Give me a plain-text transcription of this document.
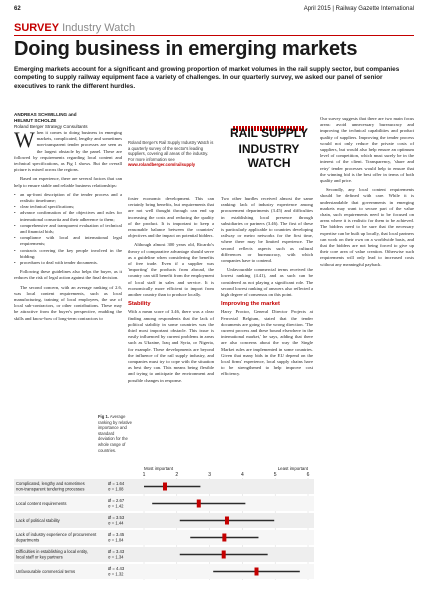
62	April 2015 | Railway Gazette International
SURVEY Industry Watch
Doing business in emerging markets
Emerging markets account for a significant and growing proportion of market volumes in the rail supply sector, but companies competing to supply railway equipment face a variety of challenges. In our quarterly survey, we asked our panel of senior executives to rank the different hurdles.
ANDREAS SCHWILLING and
HELMUT SCHOLZE
Roland Berger Strategy Consultants

When it comes to doing business in emerging markets, complicated, lengthy and sometimes non-transparent tender processes are seen as the largest obstacle by the panel. These are followed by requirements regarding local content and technical specifications, as Fig 1 shows. But the overall picture is mixed across the regions.

Based on experience, there are several factors that can help to ensure stable and reliable business relationships:

• an up-front description of the tender process and a realistic timeframe;
• clear technical specifications;
• advance confirmation of the objectives and rules for international consortia and their adherence to them;
• comprehensive and transparent evaluation of technical and financial bids;
• compliance with local and international legal requirements;
• contracts covering the key people involved in the bidding;
• procedures to deal with tender documents.

Following these guidelines also helps the buyer, as it reduces the risk of legal action against the final decision.

The second concern, with an average ranking of 2.6, was local content requirements, such as local manufacturing, training of local employees, the use of local sub-contractors, or other contributions. These may be attractive from the buyer's perspective, enabling the skills and know-how of long-term contractors to

RAIL SUPPLY
INDUSTRY WATCH
Roland Berger's Rail Supply Industry Watch is a quarterly survey of the sector's leading suppliers, covering all areas of the industry. For more information see www.rolandberger.com/railsupply

foster economic development. This can certainly bring benefits, but requirements that are not well thought through can end up increasing the costs and reducing the quality of the product. It is important to keep a reasonable balance between the countries' objectives and the impact on potential bidders.

Although almost 300 years old, Ricardo's theory of comparative advantage should serve as a guideline when considering the benefits of free trade. Even if a supplier was 'importing' the products from abroad, the country can still benefit from the employment of local staff in sales and service. It is economically more efficient to import from another country than to produce locally.

Stability

With a mean score of 3.46, there was a clear finding among respondents that the lack of political stability in some countries was the third most important obstacle. This issue is easily influenced by current problems in areas such as Ukraine, Iraq and Syria, or Nigeria, for example. These developments are beyond the influence of the rail supply industry, and companies must try to cope with the situation as best they can. This means being flexible and trying to anticipate the environment and possible changes in response.

Two other hurdles received almost the same ranking: lack of industry experience among procurement departments (3.45) and difficulties in establishing local presence through subsidiaries or partners (3.46). The first of these is particularly applicable to countries developing railway or metro networks for the first time, where there may be limited experience. The second reflects aspects such as cultural differences or bureaucracy, with which companies have to contend.

Unfavourable commercial terms received the lowest ranking (4.41), and as such can be considered as not playing a significant role. The second lowest ranking of answers also reflected a high degree of consensus on this point.

Improving the market

Harry Proctor, General Director Projects at Ferrovial Belgium, stated that the tender documents are going in the wrong direction. 'The current process and these bound elsewhere in the international market,' he says, adding that there are also concerns about the way the Single Market rules are implemented in some countries. Given that many bids in the EU depend on the local firms' experience, local supply chains have to be strengthened to help improve cost efficiency.

Our survey suggests that there are two main focus areas: avoid unnecessary bureaucracy and improving the technical capabilities and product quality of suppliers. Improving the tender process would not only reduce the private costs of suppliers, but would also help ensure an optimum level of competition, which must surely be in the interest of the client. Transparency, 'share and retry' tender processes would help to ensure that the winning bid is the best offer in terms of both quality and price.

Secondly, any local content requirements should be defined with care. While it is understandable that governments in emerging markets may want to secure part of the value chain, such requirements need to be focused on areas where it is realistic for them to be achieved. The bidders need to be sure that the necessary expertise can be built up locally, that local partners can work on their own on a worldwide basis, and that the bidders are not being forced to give up their core area of value creation. Otherwise such requirements will only lead to increased costs without any meaningful payback.

Fig 1. Average ranking by relative importance and standard deviation for the whole range of countries.
Most important	Least important
1	2	3	4	5	6
Complicated, lengthy and sometimes
non-transparent tendering processes
Ø = 1.64
σ = 1.08
Local content requirements
Ø = 2.67
σ = 1.42
Lack of political stability
Ø = 3.53
σ = 1.44
Lack of industry experience of procurement
departments
Ø = 3.45
σ = 1.04
Difficulties in establishing a local entity,
local staff or key partners
Ø = 3.43
σ = 1.34
Unfavourable commercial terms
Ø = 4.43
σ = 1.32
